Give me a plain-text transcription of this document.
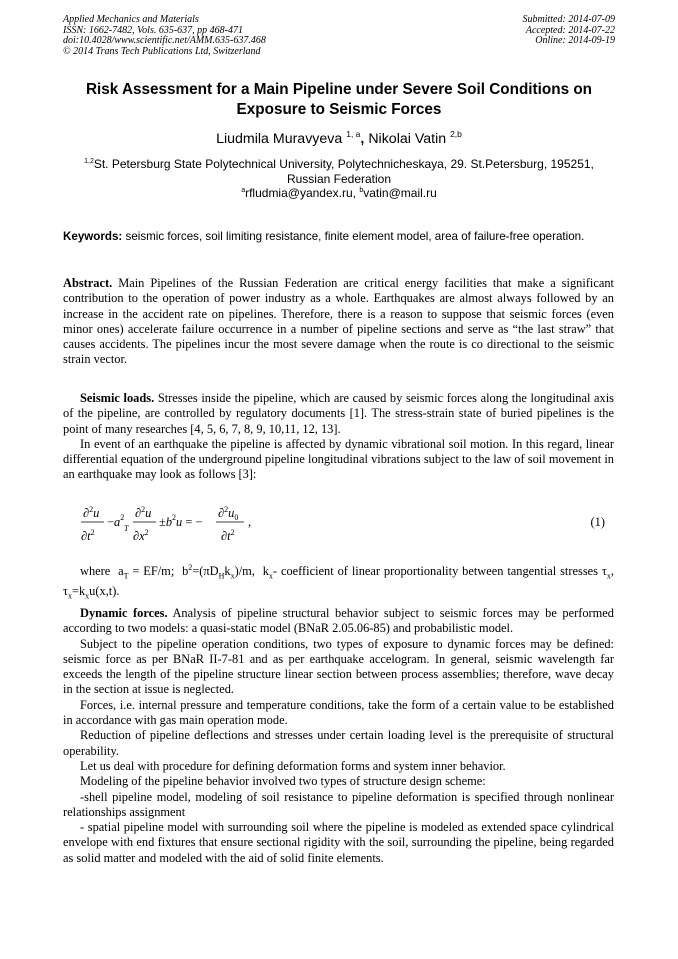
Applied Mechanics and Materials
ISSN: 1662-7482, Vols. 635-637, pp 468-471
doi:10.4028/www.scientific.net/AMM.635-637.468
© 2014 Trans Tech Publications Ltd, Switzerland
Submitted: 2014-07-09
Accepted: 2014-07-22
Online: 2014-09-19
Risk Assessment for a Main Pipeline under Severe Soil Conditions on
Exposure to Seismic Forces
Liudmila Muravyeva $^{1, a}$, Nikolai Vatin $^{2,b}$
$^{1,2}$St. Petersburg State Polytechnical University, Polytechnicheskaya, 29. St.Petersburg, 195251,
Russian Federation
$^a$rfludmia@yandex.ru, $^b$vatin@mail.ru
Keywords: seismic forces, soil limiting resistance, finite element model, area of failure-free operation.

Abstract. Main Pipelines of the Russian Federation are critical energy facilities that make a significant contribution to the operation of power industry as a whole. Earthquakes are almost always followed by an increase in the accident rate on pipelines. Therefore, there is a reason to suppose that seismic forces (even minor ones) accelerate failure occurrence in a number of pipeline sections and serve as “the last straw” that causes accidents. The pipelines incur the most severe damage when the route is co directional to the seismic strain vector.

Seismic loads. Stresses inside the pipeline, which are caused by seismic forces along the longitudinal axis of the pipeline, are controlled by regulatory documents [1]. The stress-strain state of buried pipelines is the point of many researches [4, 5, 6, 7, 8, 9, 10,11, 12, 13].

In event of an earthquake the pipeline is affected by dynamic vibrational soil motion. In this regard, linear differential equation of the underground pipeline longitudinal vibrations subject to the law of soil movement in an earthquake may look as follows [3]:

∂$^2$u
$\partial t^2$
$-a^2$
T
∂$^2$u
$\partial x^2$
$\pm b^2u$ = −
$\partial^2u_0$
$\partial t^2$
,	(1)

where $a_T = EF/m$; $b^2=(\pi D_Hk_x)/m$, $k_x-$ coefficient of linear proportionality between tangential stresses $\tau_x$, $\tau_x=k_xu(x,t)$.

Dynamic forces. Analysis of pipeline structural behavior subject to seismic forces may be performed according to two models: a quasi-static model (BNaR 2.05.06-85) and probabilistic model.

Subject to the pipeline operation conditions, two types of exposure to dynamic forces may be defined: seismic force as per BNaR II-7-81 and as per earthquake accelogram. In general, seismic wavelength far exceeds the length of the pipeline structure linear section between process assemblies; therefore, wave decay in the section at issue is neglected.

Forces, i.e. internal pressure and temperature conditions, take the form of a certain value to be established in accordance with gas main operation mode.

Reduction of pipeline deflections and stresses under certain loading level is the prerequisite of structural operability.

Let us deal with procedure for defining deformation forms and system inner behavior.

Modeling of the pipeline behavior involved two types of structure design scheme:

-shell pipeline model, modeling of soil resistance to pipeline deformation is specified through nonlinear relationships assignment

- spatial pipeline model with surrounding soil where the pipeline is modeled as extended space cylindrical envelope with end fixtures that ensure sectional rigidity with the soil, surrounding the pipeline, being regarded as solid matter and modeled with the aid of solid finite elements.
